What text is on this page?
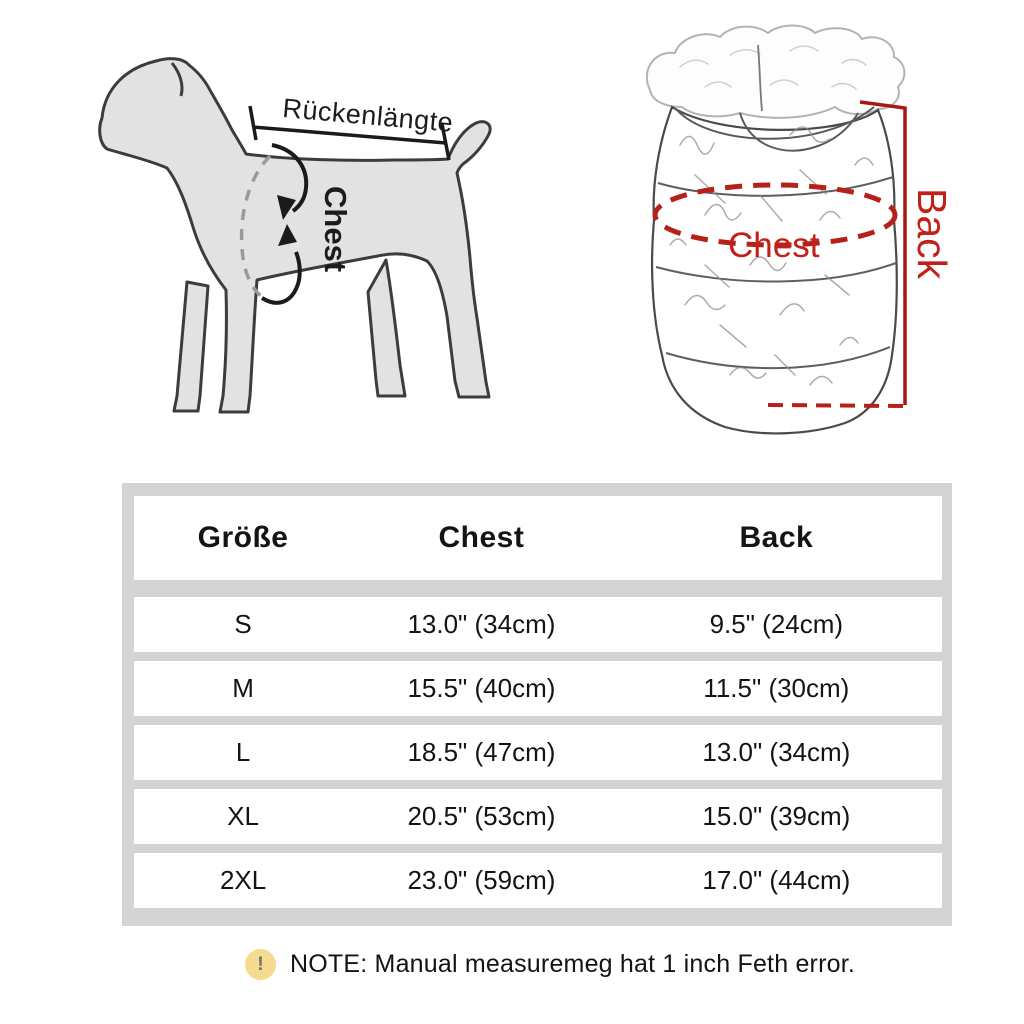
Rückenlängte
Chest	Chest Back
Größe	Chest	Back
S	13.0" (34cm)	9.5" (24cm)
M	15.5" (40cm)	11.5" (30cm)
L	18.5" (47cm)	13.0" (34cm)
XL	20.5" (53cm)	15.0" (39cm)
2XL	23.0" (59cm)	17.0" (44cm)
!	NOTE: Manual measuremeg hat 1 inch Feth error.
